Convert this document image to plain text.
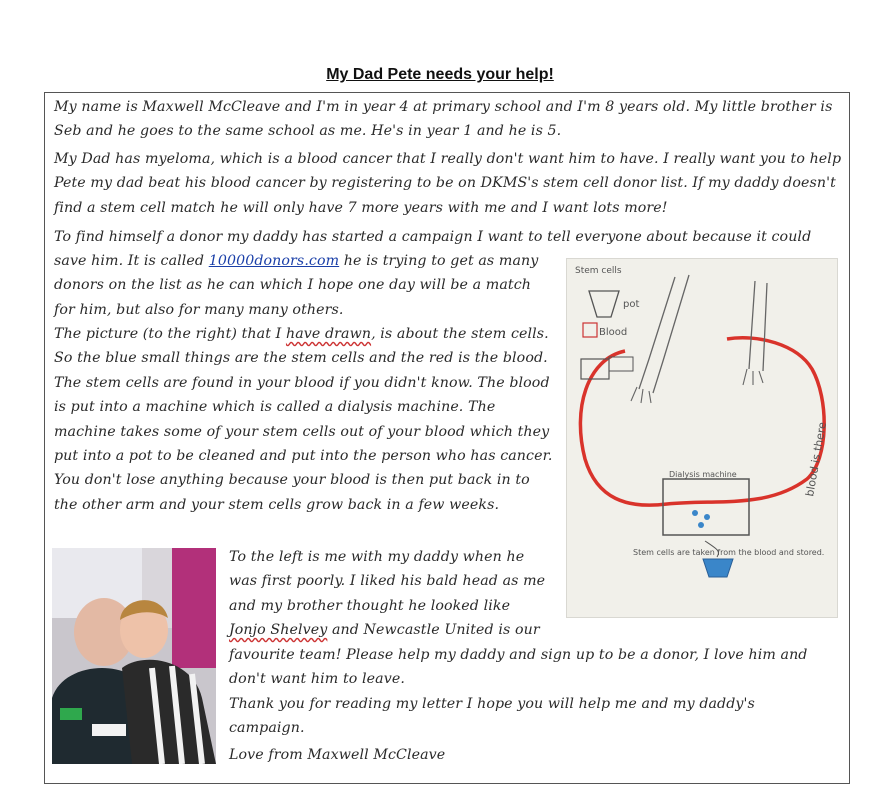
My Dad Pete needs your help!

My name is Maxwell McCleave and I'm in year 4 at primary school and I'm 8 years old. My little brother is Seb and he goes to the same school as me. He's in year 1 and he is 5.

My Dad has myeloma, which is a blood cancer that I really don't want him to have. I really want you to help Pete my dad beat his blood cancer by registering to be on DKMS's stem cell donor list. If my daddy doesn't find a stem cell match he will only have 7 more years with me and I want lots more!

To find himself a donor my daddy has started a campaign I want to tell everyone about because it could

save him. It is called 10000donors.com he is trying to get as many donors on the list as he can which I hope one day will be a match for him, but also for many many others.

The picture (to the right) that I have drawn, is about the stem cells. So the blue small things are the stem cells and the red is the blood. The stem cells are found in your blood if you didn't know. The blood is put into a machine which is called a dialysis machine. The machine takes some of your stem cells out of your blood which they put into a pot to be cleaned and put into the person who has cancer. You don't lose anything because your blood is then put back in to the other arm and your stem cells grow back in a few weeks.

To the left is me with my daddy when he was first poorly. I liked his bald head as me and my brother thought he looked like Jonjo Shelvey and Newcastle United is our

favourite team! Please help my daddy and sign up to be a donor, I love him and don't want him to leave.

Thank you for reading my letter I hope you will help me and my daddy's campaign.

Love from Maxwell McCleave

Stem cells
pot
Blood
Dialysis machine	blood is there
Stem cells are taken from the blood and stored.
